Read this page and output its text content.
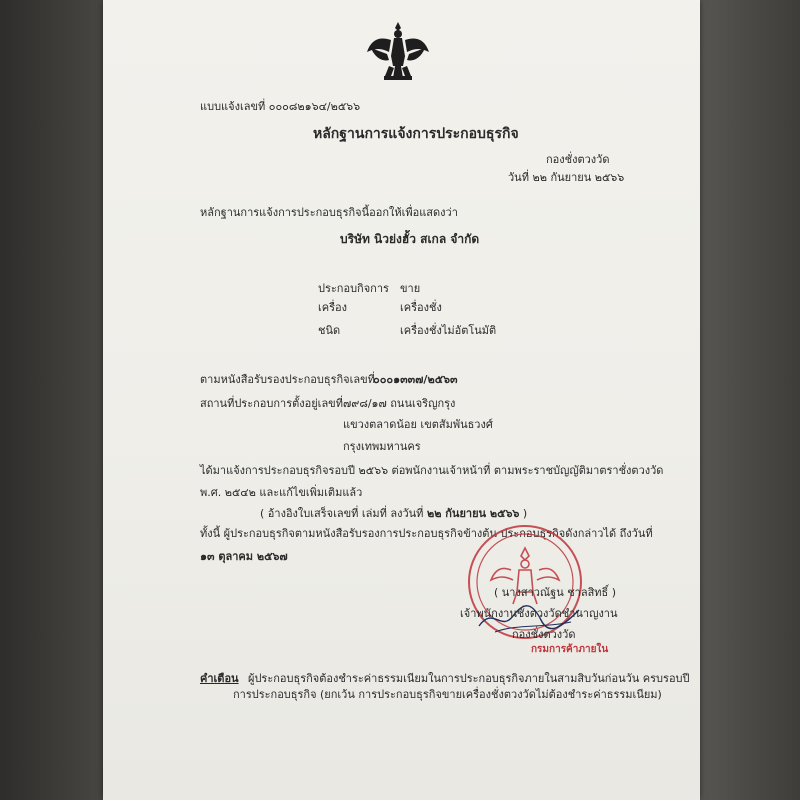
แบบแจ้งเลขที่ ๐๐๐๘๒๑๖๔/๒๕๖๖
หลักฐานการแจ้งการประกอบธุรกิจ
กองชั่งตวงวัด
วันที่ ๒๒ กันยายน ๒๕๖๖
หลักฐานการแจ้งการประกอบธุรกิจนี้ออกให้เพื่อแสดงว่า
บริษัท นิวย่งฮั้ว สเกล จำกัด
ประกอบกิจการ ขาย
เครื่อง	เครื่องชั่ง
ชนิด	เครื่องชั่งไม่อัตโนมัติ
ตามหนังสือรับรองประกอบธุรกิจเลขที่
๐๐๐๑๓๓๗/๒๕๖๓
สถานที่ประกอบการตั้งอยู่เลขที่ ๗๙๘/๑๗ ถนนเจริญกรุง
แขวงตลาดน้อย เขตสัมพันธวงศ์
กรุงเทพมหานคร
ได้มาแจ้งการประกอบธุรกิจรอบปี ๒๕๖๖ ต่อพนักงานเจ้าหน้าที่ ตามพระราชบัญญัติมาตราชั่งตวงวัด
พ.ศ. ๒๕๔๒ และแก้ไขเพิ่มเติมแล้ว
( อ้างอิงใบเสร็จเลขที่ เล่มที่ ลงวันที่ ๒๒ กันยายน ๒๕๖๖ )
ทั้งนี้ ผู้ประกอบธุรกิจตามหนังสือรับรองการประกอบธุรกิจข้างต้น ประกอบธุรกิจดังกล่าวได้ ถึงวันที่
๑๓ ตุลาคม ๒๕๖๗
( นางสาวณัฐน ชาลสิทธิ์ )
เจ้าพนักงานชั่งตวงวัดชำนาญงาน
กองชั่งตวงวัด
กรมการค้าภายใน
คำเตือน ผู้ประกอบธุรกิจต้องชำระค่าธรรมเนียมในการประกอบธุรกิจภายในสามสิบวันก่อนวัน ครบรอบปี
การประกอบธุรกิจ (ยกเว้น การประกอบธุรกิจขายเครื่องชั่งตวงวัดไม่ต้องชำระค่าธรรมเนียม)
